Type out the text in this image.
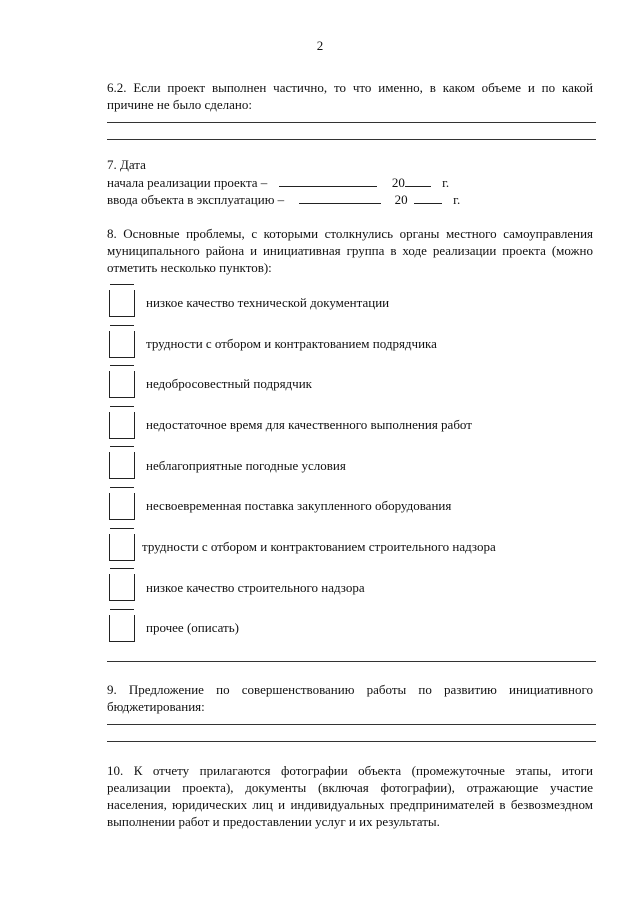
2
6.2. Если проект выполнен частично, то что именно, в каком объеме и по какой причине не было сделано:
7. Дата
начала реализации проекта –	20	г.
ввода объекта в эксплуатацию –	20	г.
8. Основные проблемы, с которыми столкнулись органы местного самоуправления муниципального района и инициативная группа в ходе реализации проекта (можно отметить несколько пунктов):
низкое качество технической документации
трудности с отбором и контрактованием подрядчика
недобросовестный подрядчик
недостаточное время для качественного выполнения работ
неблагоприятные погодные условия
несвоевременная поставка закупленного оборудования
трудности с отбором и контрактованием строительного надзора
низкое качество строительного надзора
прочее (описать)
9. Предложение по совершенствованию работы по развитию инициативного бюджетирования:
10. К отчету прилагаются фотографии объекта (промежуточные этапы, итоги реализации проекта), документы (включая фотографии), отражающие участие населения, юридических лиц и индивидуальных предпринимателей в безвозмездном выполнении работ и предоставлении услуг и их результаты.
